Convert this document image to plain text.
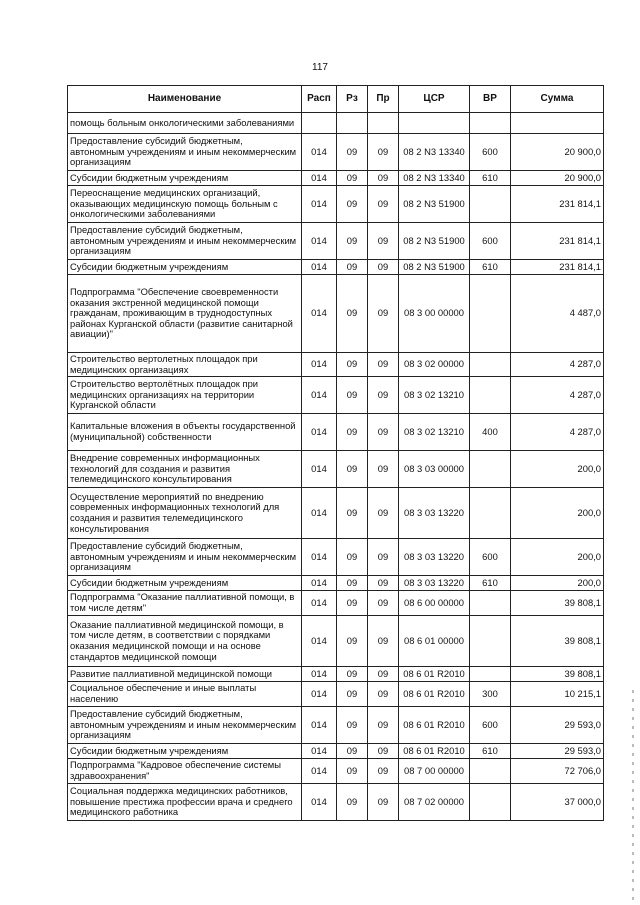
117
Наименование	Расп	Рз	Пр	ЦСР	ВР	Сумма
помощь больным онкологическими заболеваниями						
Предоставление субсидий бюджетным, автономным учреждениям и иным некоммерческим организациям	014	09	09	08 2 N3 13340	600	20 900,0
Субсидии бюджетным учреждениям	014	09	09	08 2 N3 13340	610	20 900,0
Переоснащение медицинских организаций, оказывающих медицинскую помощь больным с онкологическими заболеваниями	014	09	09	08 2 N3 51900		231 814,1
Предоставление субсидий бюджетным, автономным учреждениям и иным некоммерческим организациям	014	09	09	08 2 N3 51900	600	231 814,1
Субсидии бюджетным учреждениям	014	09	09	08 2 N3 51900	610	231 814,1
Подпрограмма "Обеспечение своевременности оказания экстренной медицинской помощи гражданам, проживающим в труднодоступных районах Курганской области (развитие санитарной авиации)"	014	09	09	08 3 00 00000		4 487,0
Строительство вертолетных площадок при медицинских организациях	014	09	09	08 3 02 00000		4 287,0
Строительство вертолётных площадок при медицинских организациях на территории Курганской области	014	09	09	08 3 02 13210		4 287,0
Капитальные вложения в объекты государственной (муниципальной) собственности	014	09	09	08 3 02 13210	400	4 287,0
Внедрение современных информационных технологий для создания и развития телемедицинского консультирования	014	09	09	08 3 03 00000		200,0
Осуществление мероприятий по внедрению современных информационных технологий для создания и развития телемедицинского консультирования	014	09	09	08 3 03 13220		200,0
Предоставление субсидий бюджетным, автономным учреждениям и иным некоммерческим организациям	014	09	09	08 3 03 13220	600	200,0
Субсидии бюджетным учреждениям	014	09	09	08 3 03 13220	610	200,0
Подпрограмма "Оказание паллиативной помощи, в том числе детям"	014	09	09	08 6 00 00000		39 808,1
Оказание паллиативной медицинской помощи, в том числе детям, в соответствии с порядками оказания медицинской помощи и на основе стандартов медицинской помощи	014	09	09	08 6 01 00000		39 808,1
Развитие паллиативной медицинской помощи	014	09	09	08 6 01 R2010		39 808,1
Социальное обеспечение и иные выплаты населению	014	09	09	08 6 01 R2010	300	10 215,1
Предоставление субсидий бюджетным, автономным учреждениям и иным некоммерческим организациям	014	09	09	08 6 01 R2010	600	29 593,0
Субсидии бюджетным учреждениям	014	09	09	08 6 01 R2010	610	29 593,0
Подпрограмма "Кадровое обеспечение системы здравоохранения"	014	09	09	08 7 00 00000		72 706,0
Социальная поддержка медицинских работников, повышение престижа профессии врача и среднего медицинского работника	014	09	09	08 7 02 00000		37 000,0
